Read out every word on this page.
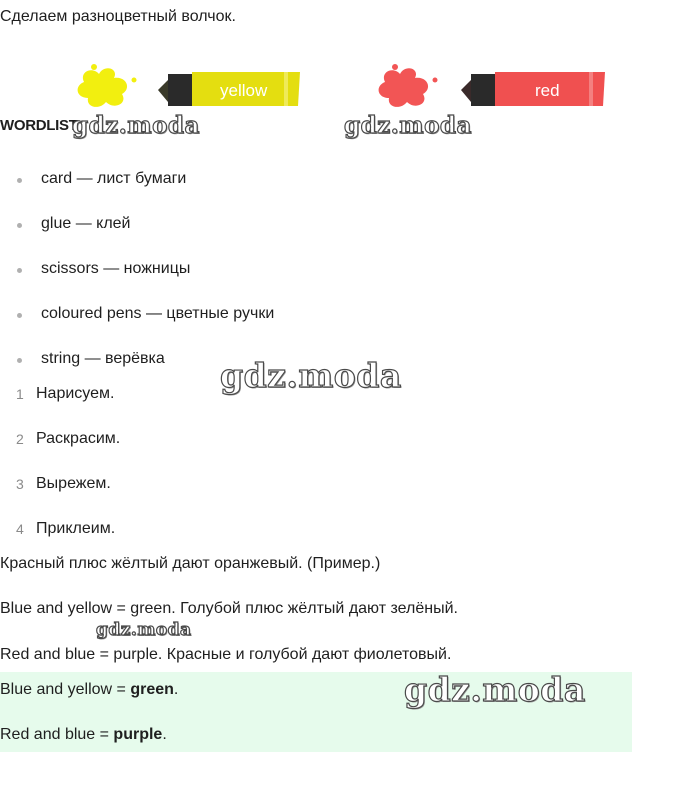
Сделаем разноцветный волчок.
yellow	red
WORDLIST
card — лист бумаги
glue — клей
scissors — ножницы
coloured pens — цветные ручки
string — верёвка
1 Нарисуем.
2 Раскрасим.
3 Вырежем.
4 Приклеим.
Красный плюс жёлтый дают оранжевый. (Пример.)
Blue and yellow = green. Голубой плюс жёлтый дают зелёный.
Red and blue = purple. Красные и голубой дают фиолетовый.
Blue and yellow = green.
Red and blue = purple.
gdz.moda	gdz.moda
gdz.moda
gdz.moda
gdz.moda
